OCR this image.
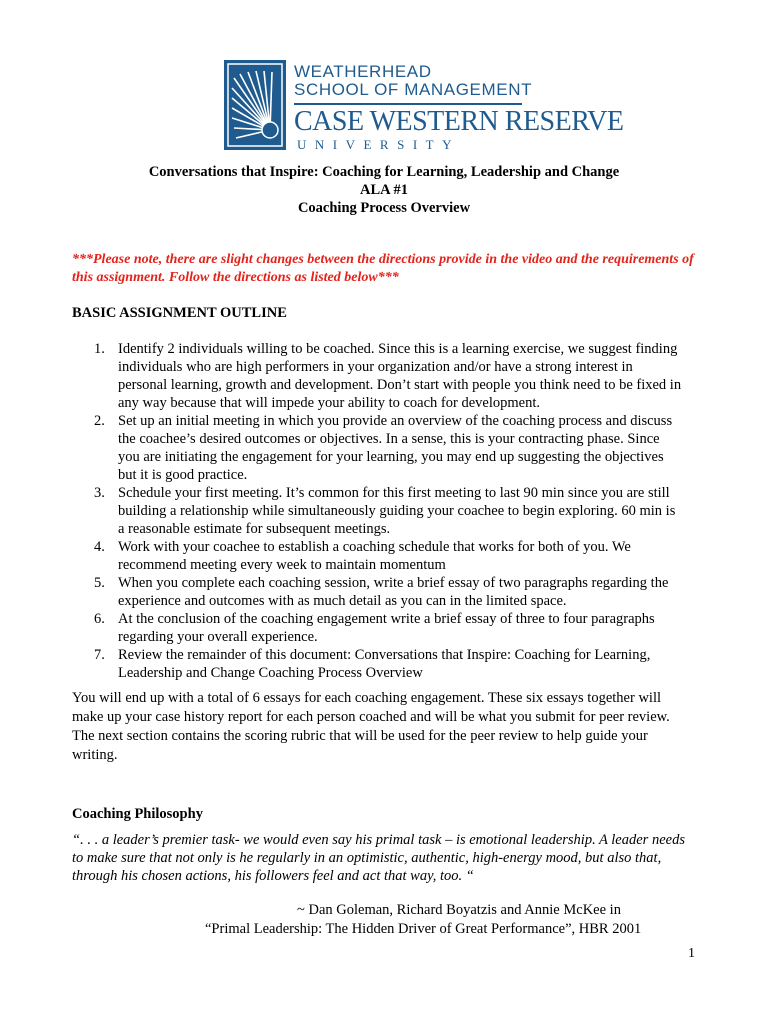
WEATHERHEAD
SCHOOL OF MANAGEMENT
CASE WESTERN RESERVE
UNIVERSITY
Conversations that Inspire: Coaching for Learning, Leadership and Change
ALA #1
Coaching Process Overview
***Please note, there are slight changes between the directions provide in the video and the requirements of this assignment. Follow the directions as listed below***
BASIC ASSIGNMENT OUTLINE
1. Identify 2 individuals willing to be coached. Since this is a learning exercise, we suggest finding individuals who are high performers in your organization and/or have a strong interest in personal learning, growth and development. Don’t start with people you think need to be fixed in any way because that will impede your ability to coach for development.
2. Set up an initial meeting in which you provide an overview of the coaching process and discuss the coachee’s desired outcomes or objectives. In a sense, this is your contracting phase. Since you are initiating the engagement for your learning, you may end up suggesting the objectives but it is good practice.
3. Schedule your first meeting. It’s common for this first meeting to last 90 min since you are still building a relationship while simultaneously guiding your coachee to begin exploring. 60 min is a reasonable estimate for subsequent meetings.
4. Work with your coachee to establish a coaching schedule that works for both of you. We recommend meeting every week to maintain momentum
5. When you complete each coaching session, write a brief essay of two paragraphs regarding the experience and outcomes with as much detail as you can in the limited space.
6. At the conclusion of the coaching engagement write a brief essay of three to four paragraphs regarding your overall experience.
7. Review the remainder of this document: Conversations that Inspire: Coaching for Learning, Leadership and Change Coaching Process Overview
You will end up with a total of 6 essays for each coaching engagement. These six essays together will make up your case history report for each person coached and will be what you submit for peer review. The next section contains the scoring rubric that will be used for the peer review to help guide your writing.
Coaching Philosophy
“. . . a leader’s premier task- we would even say his primal task – is emotional leadership. A leader needs to make sure that not only is he regularly in an optimistic, authentic, high-energy mood, but also that, through his chosen actions, his followers feel and act that way, too. “
~ Dan Goleman, Richard Boyatzis and Annie McKee in
“Primal Leadership: The Hidden Driver of Great Performance”, HBR 2001
1
